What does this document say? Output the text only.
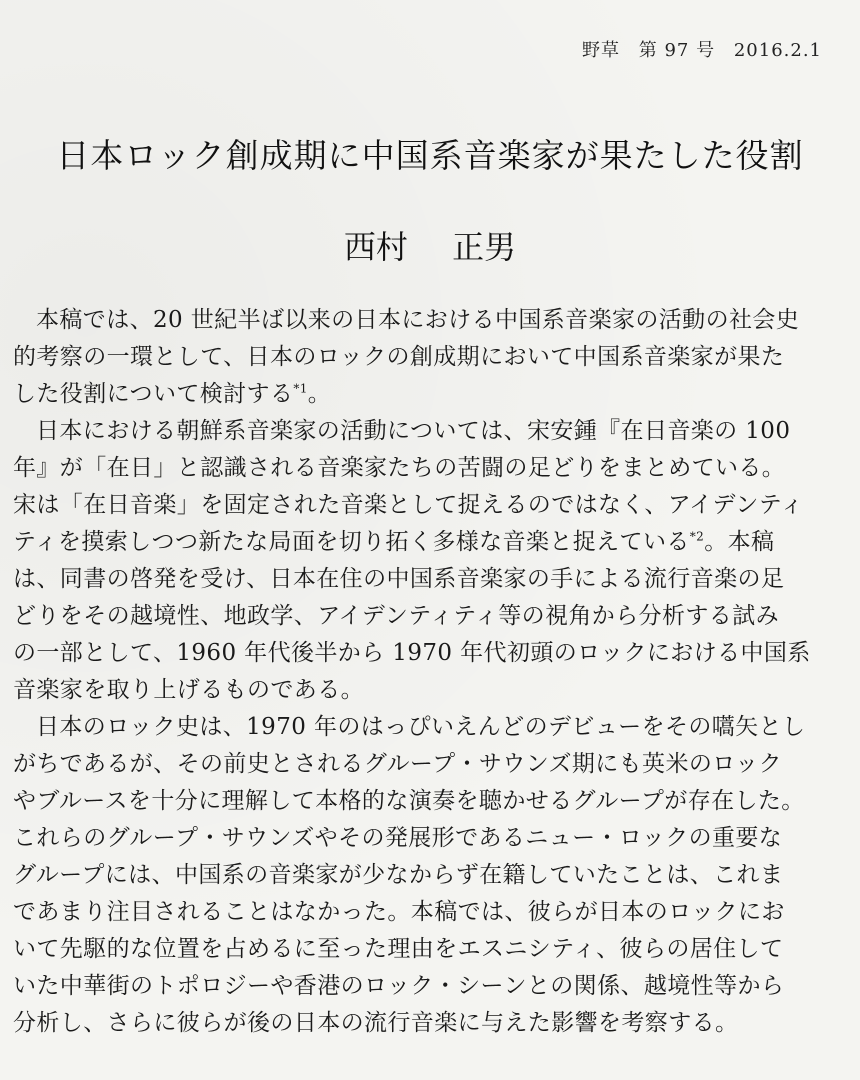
野草 第 97 号 2016.2.1
日本ロック創成期に中国系音楽家が果たした役割
西村 正男
本稿では、20 世紀半ば以来の日本における中国系音楽家の活動の社会史
的考察の一環として、日本のロックの創成期において中国系音楽家が果た
した役割について検討する$^{*1}$。
日本における朝鮮系音楽家の活動については、宋安鍾『在日音楽の 100
年』が「在日」と認識される音楽家たちの苦闘の足どりをまとめている。
宋は「在日音楽」を固定された音楽として捉えるのではなく、アイデンティ
ティを摸索しつつ新たな局面を切り拓く多様な音楽と捉えている$^{*2}$。本稿
は、同書の啓発を受け、日本在住の中国系音楽家の手による流行音楽の足
どりをその越境性、地政学、アイデンティティ等の視角から分析する試み
の一部として、1960 年代後半から 1970 年代初頭のロックにおける中国系
音楽家を取り上げるものである。
日本のロック史は、1970 年のはっぴいえんどのデビューをその嚆矢とし
がちであるが、その前史とされるグループ・サウンズ期にも英米のロック
やブルースを十分に理解して本格的な演奏を聴かせるグループが存在した。
これらのグループ・サウンズやその発展形であるニュー・ロックの重要な
グループには、中国系の音楽家が少なからず在籍していたことは、これま
であまり注目されることはなかった。本稿では、彼らが日本のロックにお
いて先駆的な位置を占めるに至った理由をエスニシティ、彼らの居住して
いた中華街のトポロジーや香港のロック・シーンとの関係、越境性等から
分析し、さらに彼らが後の日本の流行音楽に与えた影響を考察する。
